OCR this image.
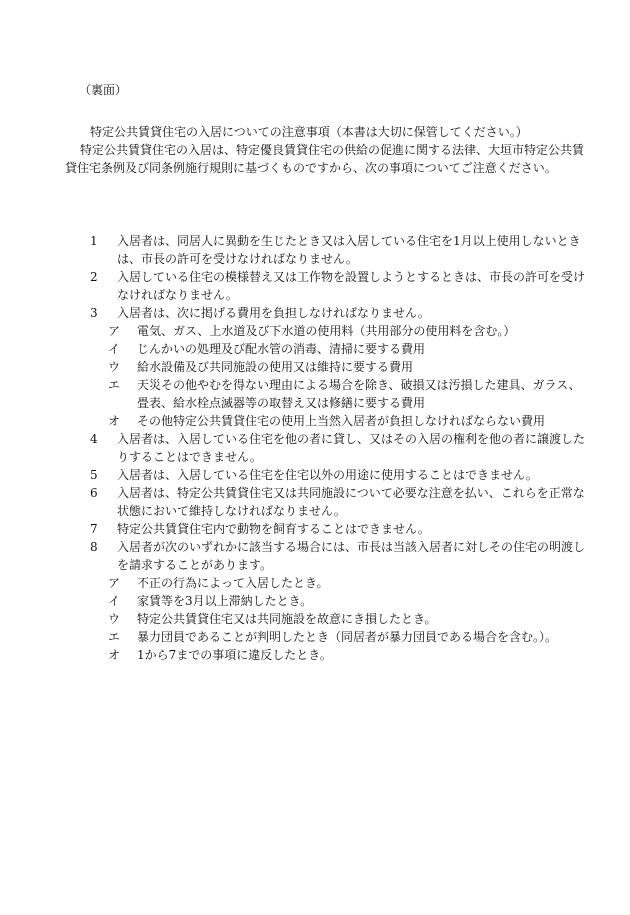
（裏面）
特定公共賃貸住宅の入居についての注意事項（本書は大切に保管してください。）
特定公共賃貸住宅の入居は、特定優良賃貸住宅の供給の促進に関する法律、大垣市特定公共賃貸住宅条例及び同条例施行規則に基づくものですから、次の事項についてご注意ください。
1	入居者は、同居人に異動を生じたとき又は入居している住宅を1月以上使用しないときは、市長の許可を受けなければなりません。
2	入居している住宅の模様替え又は工作物を設置しようとするときは、市長の許可を受けなければなりません。
3	入居者は、次に掲げる費用を負担しなければなりません。
ア	電気、ガス、上水道及び下水道の使用料（共用部分の使用料を含む。）
イ	じんかいの処理及び配水管の消毒、清掃に要する費用
ウ	給水設備及び共同施設の使用又は維持に要する費用
エ	天災その他やむを得ない理由による場合を除き、破損又は汚損した建具、ガラス、畳表、給水栓点滅器等の取替え又は修繕に要する費用
オ	その他特定公共賃貸住宅の使用上当然入居者が負担しなければならない費用
4	入居者は、入居している住宅を他の者に貸し、又はその入居の権利を他の者に譲渡したりすることはできません。
5	入居者は、入居している住宅を住宅以外の用途に使用することはできません。
6	入居者は、特定公共賃貸住宅又は共同施設について必要な注意を払い、これらを正常な状態において維持しなければなりません。
7	特定公共賃貸住宅内で動物を飼育することはできません。
8	入居者が次のいずれかに該当する場合には、市長は当該入居者に対しその住宅の明渡しを請求することがあります。
ア	不正の行為によって入居したとき。
イ	家賃等を3月以上滞納したとき。
ウ	特定公共賃貸住宅又は共同施設を故意にき損したとき。
エ	暴力団員であることが判明したとき（同居者が暴力団員である場合を含む。）。
オ	1から7までの事項に違反したとき。
